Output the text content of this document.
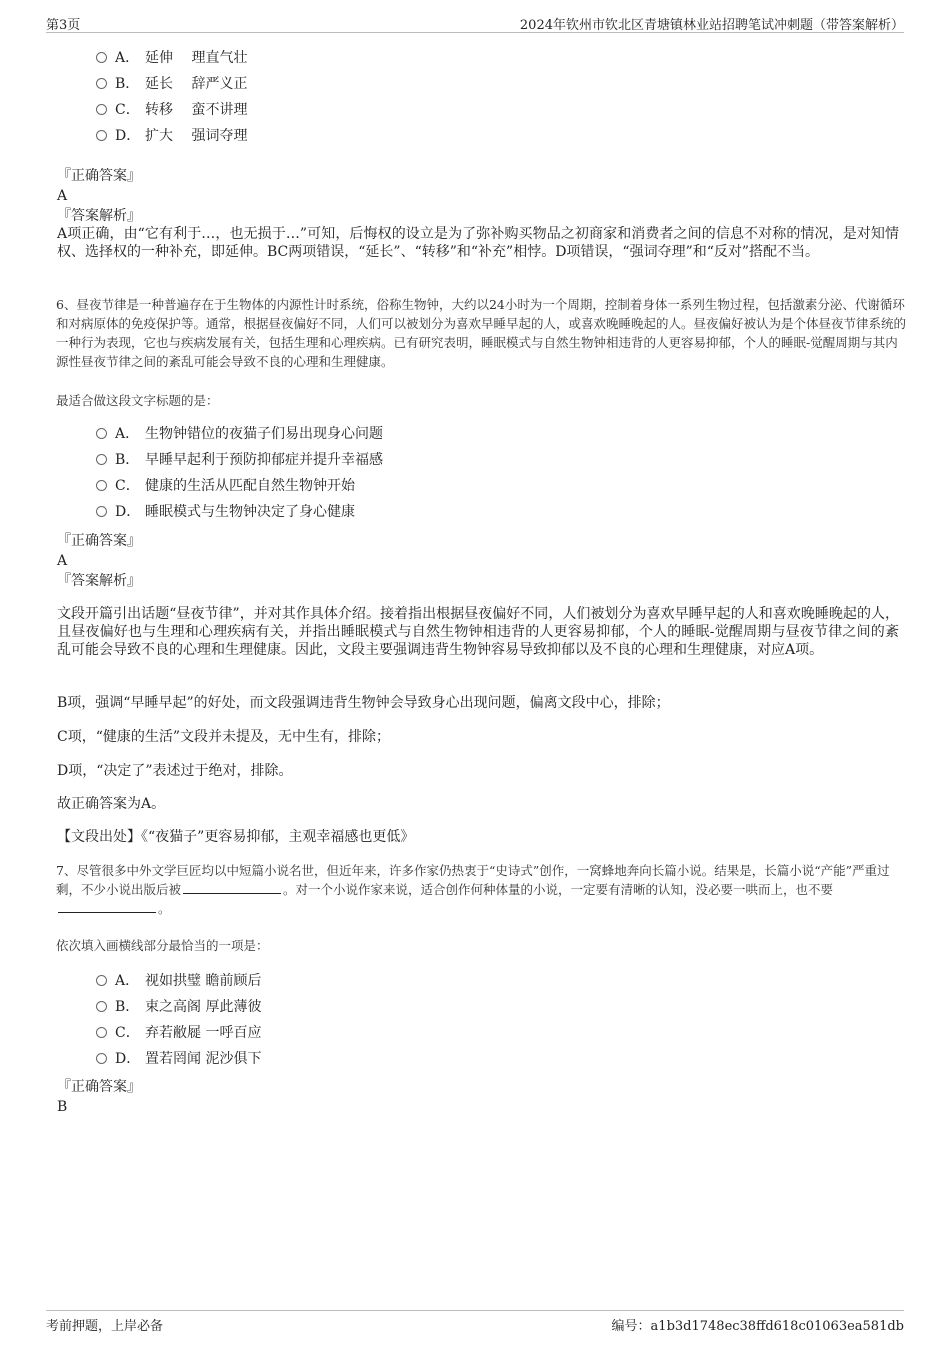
第3页	2024年钦州市钦北区青塘镇林业站招聘笔试冲刺题（带答案解析）
A． 延伸　 理直气壮
B． 延长　 辞严义正
C． 转移　 蛮不讲理
D． 扩大　 强词夺理
『正确答案』
A
『答案解析』
A项正确，由“它有利于…，也无损于…”可知，后悔权的设立是为了弥补购买物品之初商家和消费者之间的信息不对称的情况，是对知情权、选择权的一种补充，即延伸。BC两项错误，“延长”、“转移”和“补充”相悖。D项错误，“强词夺理”和“反对”搭配不当。
6、昼夜节律是一种普遍存在于生物体的内源性计时系统，俗称生物钟，大约以24小时为一个周期，控制着身体一系列生物过程，包括激素分泌、代谢循环和对病原体的免疫保护等。通常，根据昼夜偏好不同，人们可以被划分为喜欢早睡早起的人，或喜欢晚睡晚起的人。昼夜偏好被认为是个体昼夜节律系统的一种行为表现，它也与疾病发展有关，包括生理和心理疾病。已有研究表明，睡眠模式与自然生物钟相违背的人更容易抑郁，个人的睡眠-觉醒周期与其内源性昼夜节律之间的紊乱可能会导致不良的心理和生理健康。
最适合做这段文字标题的是：
A． 生物钟错位的夜猫子们易出现身心问题
B． 早睡早起利于预防抑郁症并提升幸福感
C． 健康的生活从匹配自然生物钟开始
D． 睡眠模式与生物钟决定了身心健康
『正确答案』
A
『答案解析』
文段开篇引出话题“昼夜节律”，并对其作具体介绍。接着指出根据昼夜偏好不同，人们被划分为喜欢早睡早起的人和喜欢晚睡晚起的人，且昼夜偏好也与生理和心理疾病有关，并指出睡眠模式与自然生物钟相违背的人更容易抑郁，个人的睡眠-觉醒周期与昼夜节律之间的紊乱可能会导致不良的心理和生理健康。因此，文段主要强调违背生物钟容易导致抑郁以及不良的心理和生理健康，对应A项。
B项，强调“早睡早起”的好处，而文段强调违背生物钟会导致身心出现问题，偏离文段中心，排除；
C项，“健康的生活”文段并未提及，无中生有，排除；
D项，“决定了”表述过于绝对，排除。
故正确答案为A。
【文段出处】《“夜猫子”更容易抑郁，主观幸福感也更低》
7、尽管很多中外文学巨匠均以中短篇小说名世，但近年来，许多作家仍热衷于“史诗式”创作，一窝蜂地奔向长篇小说。结果是，长篇小说“产能”严重过剩，不少小说出版后被	。对一个小说作家来说，适合创作何种体量的小说，一定要有清晰的认知，没必要一哄而上，也不要。
依次填入画横线部分最恰当的一项是：
A． 视如拱璧 瞻前顾后
B． 束之高阁 厚此薄彼
C． 弃若敝屣 一呼百应
D． 置若罔闻 泥沙俱下
『正确答案』
B
考前押题，上岸必备	编号：a1b3d1748ec38ffd618c01063ea581db
